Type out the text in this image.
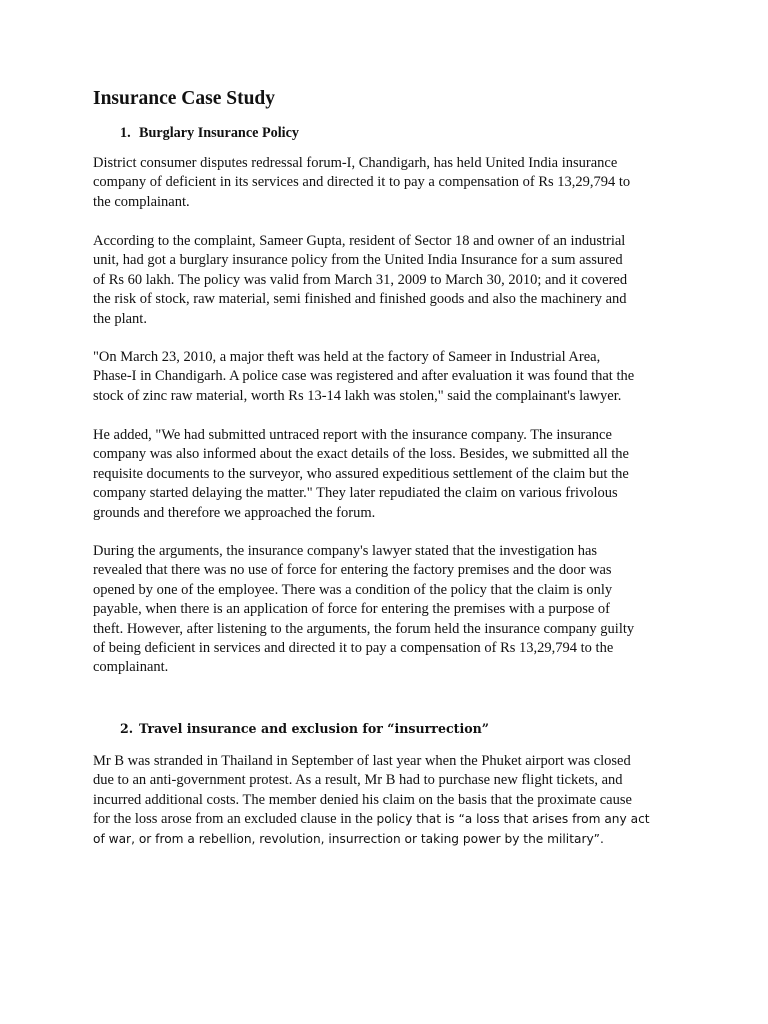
Insurance Case Study

1. Burglary Insurance Policy

District consumer disputes redressal forum-I, Chandigarh, has held United India insurance
company of deficient in its services and directed it to pay a compensation of Rs 13,29,794 to
the complainant.

According to the complaint, Sameer Gupta, resident of Sector 18 and owner of an industrial
unit, had got a burglary insurance policy from the United India Insurance for a sum assured
of Rs 60 lakh. The policy was valid from March 31, 2009 to March 30, 2010; and it covered
the risk of stock, raw material, semi finished and finished goods and also the machinery and
the plant.

"On March 23, 2010, a major theft was held at the factory of Sameer in Industrial Area,
Phase-I in Chandigarh. A police case was registered and after evaluation it was found that the
stock of zinc raw material, worth Rs 13-14 lakh was stolen," said the complainant's lawyer.

He added, "We had submitted untraced report with the insurance company. The insurance
company was also informed about the exact details of the loss. Besides, we submitted all the
requisite documents to the surveyor, who assured expeditious settlement of the claim but the
company started delaying the matter." They later repudiated the claim on various frivolous
grounds and therefore we approached the forum.

During the arguments, the insurance company's lawyer stated that the investigation has
revealed that there was no use of force for entering the factory premises and the door was
opened by one of the employee. There was a condition of the policy that the claim is only
payable, when there is an application of force for entering the premises with a purpose of
theft. However, after listening to the arguments, the forum held the insurance company guilty
of being deficient in services and directed it to pay a compensation of Rs 13,29,794 to the
complainant.

2. Travel insurance and exclusion for “insurrection”

Mr B was stranded in Thailand in September of last year when the Phuket airport was closed
due to an anti-government protest. As a result, Mr B had to purchase new flight tickets, and
incurred additional costs. The member denied his claim on the basis that the proximate cause
for the loss arose from an excluded clause in the policy that is “a loss that arises from any act
of war, or from a rebellion, revolution, insurrection or taking power by the military”.
